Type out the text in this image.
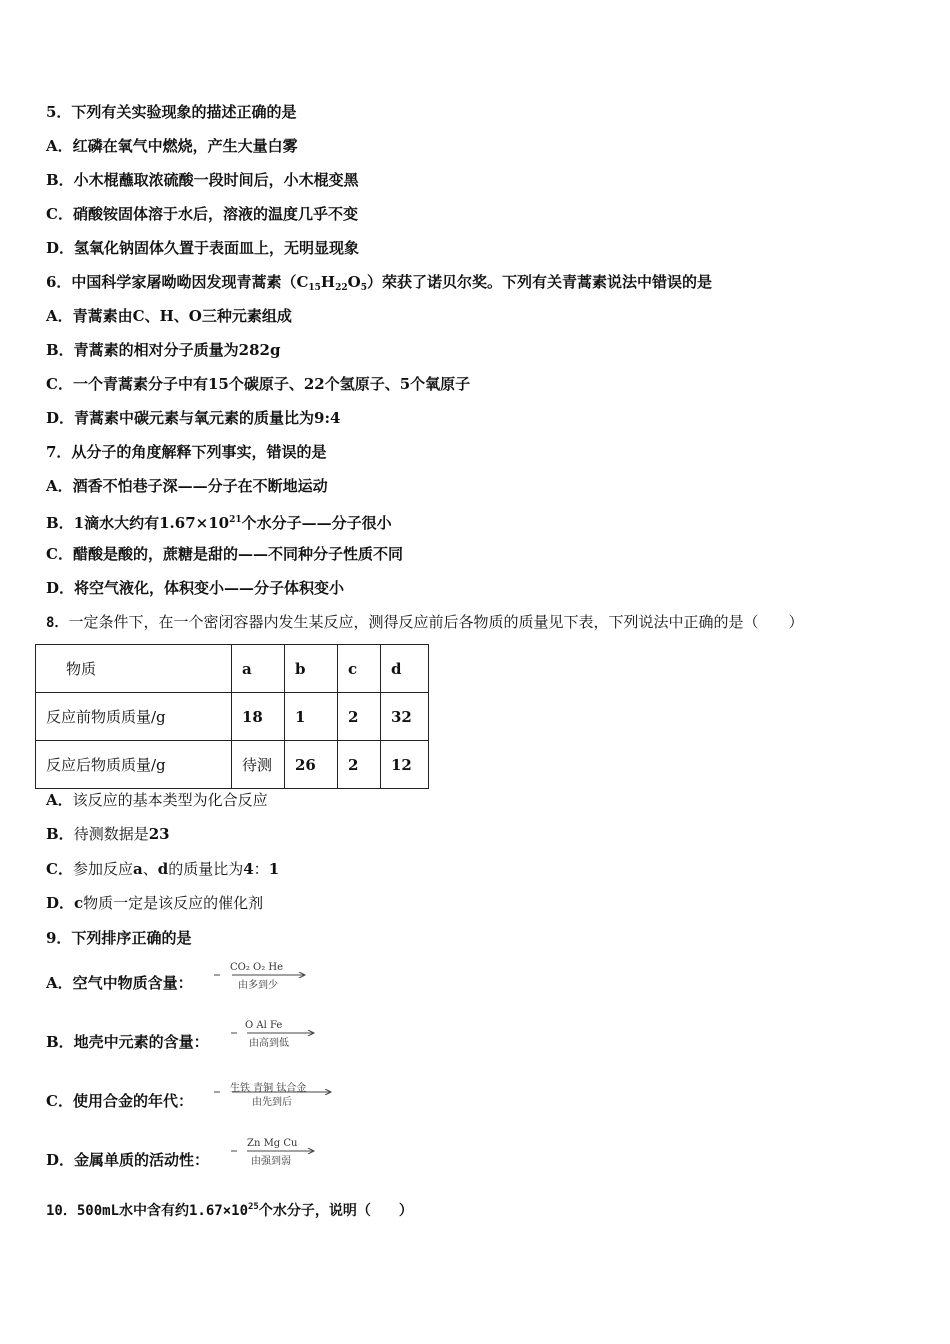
5．下列有关实验现象的描述正确的是
A．红磷在氧气中燃烧，产生大量白雾
B．小木棍蘸取浓硫酸一段时间后，小木棍变黑
C．硝酸铵固体溶于水后，溶液的温度几乎不变
D．氢氧化钠固体久置于表面皿上，无明显现象
6．中国科学家屠呦呦因发现青蒿素$(C_{15}H_{22}O_5)$荣获了诺贝尔奖。下列有关青蒿素说法中错误的是
A．青蒿素由C、H、O三种元素组成
B．青蒿素的相对分子质量为282g
C．一个青蒿素分子中有15个碳原子、22个氢原子、5个氧原子
D．青蒿素中碳元素与氧元素的质量比为9:4
7．从分子的角度解释下列事实，错误的是
A．酒香不怕巷子深——分子在不断地运动
B．1滴水大约有$1.67\times 10^{21}$个水分子——分子很小
C．醋酸是酸的，蔗糖是甜的——不同种分子性质不同
D．将空气液化，体积变小——分子体积变小
8．一定条件下，在一个密闭容器内发生某反应，测得反应前后各物质的质量见下表，下列说法中正确的是（　　）
物质	a	b	c	d
反应前物质质量/g	18	1	2	32
反应后物质质量/g	待测	26	2	12
A．该反应的基本类型为化合反应
B．待测数据是23
C．参加反应a、d的质量比为4：1
D．c物质一定是该反应的催化剂
9．下列排序正确的是
A．空气中物质含量：
CO₂ O₂ He
由多到少
B．地壳中元素的含量：
O Al Fe
由高到低
C．使用合金的年代：
生铁 青铜 钛合金
由先到后
D．金属单质的活动性：
Zn Mg Cu
由强到弱
10．500mL水中含有约$1.67\times 10^{25}$个水分子，说明（　　）
